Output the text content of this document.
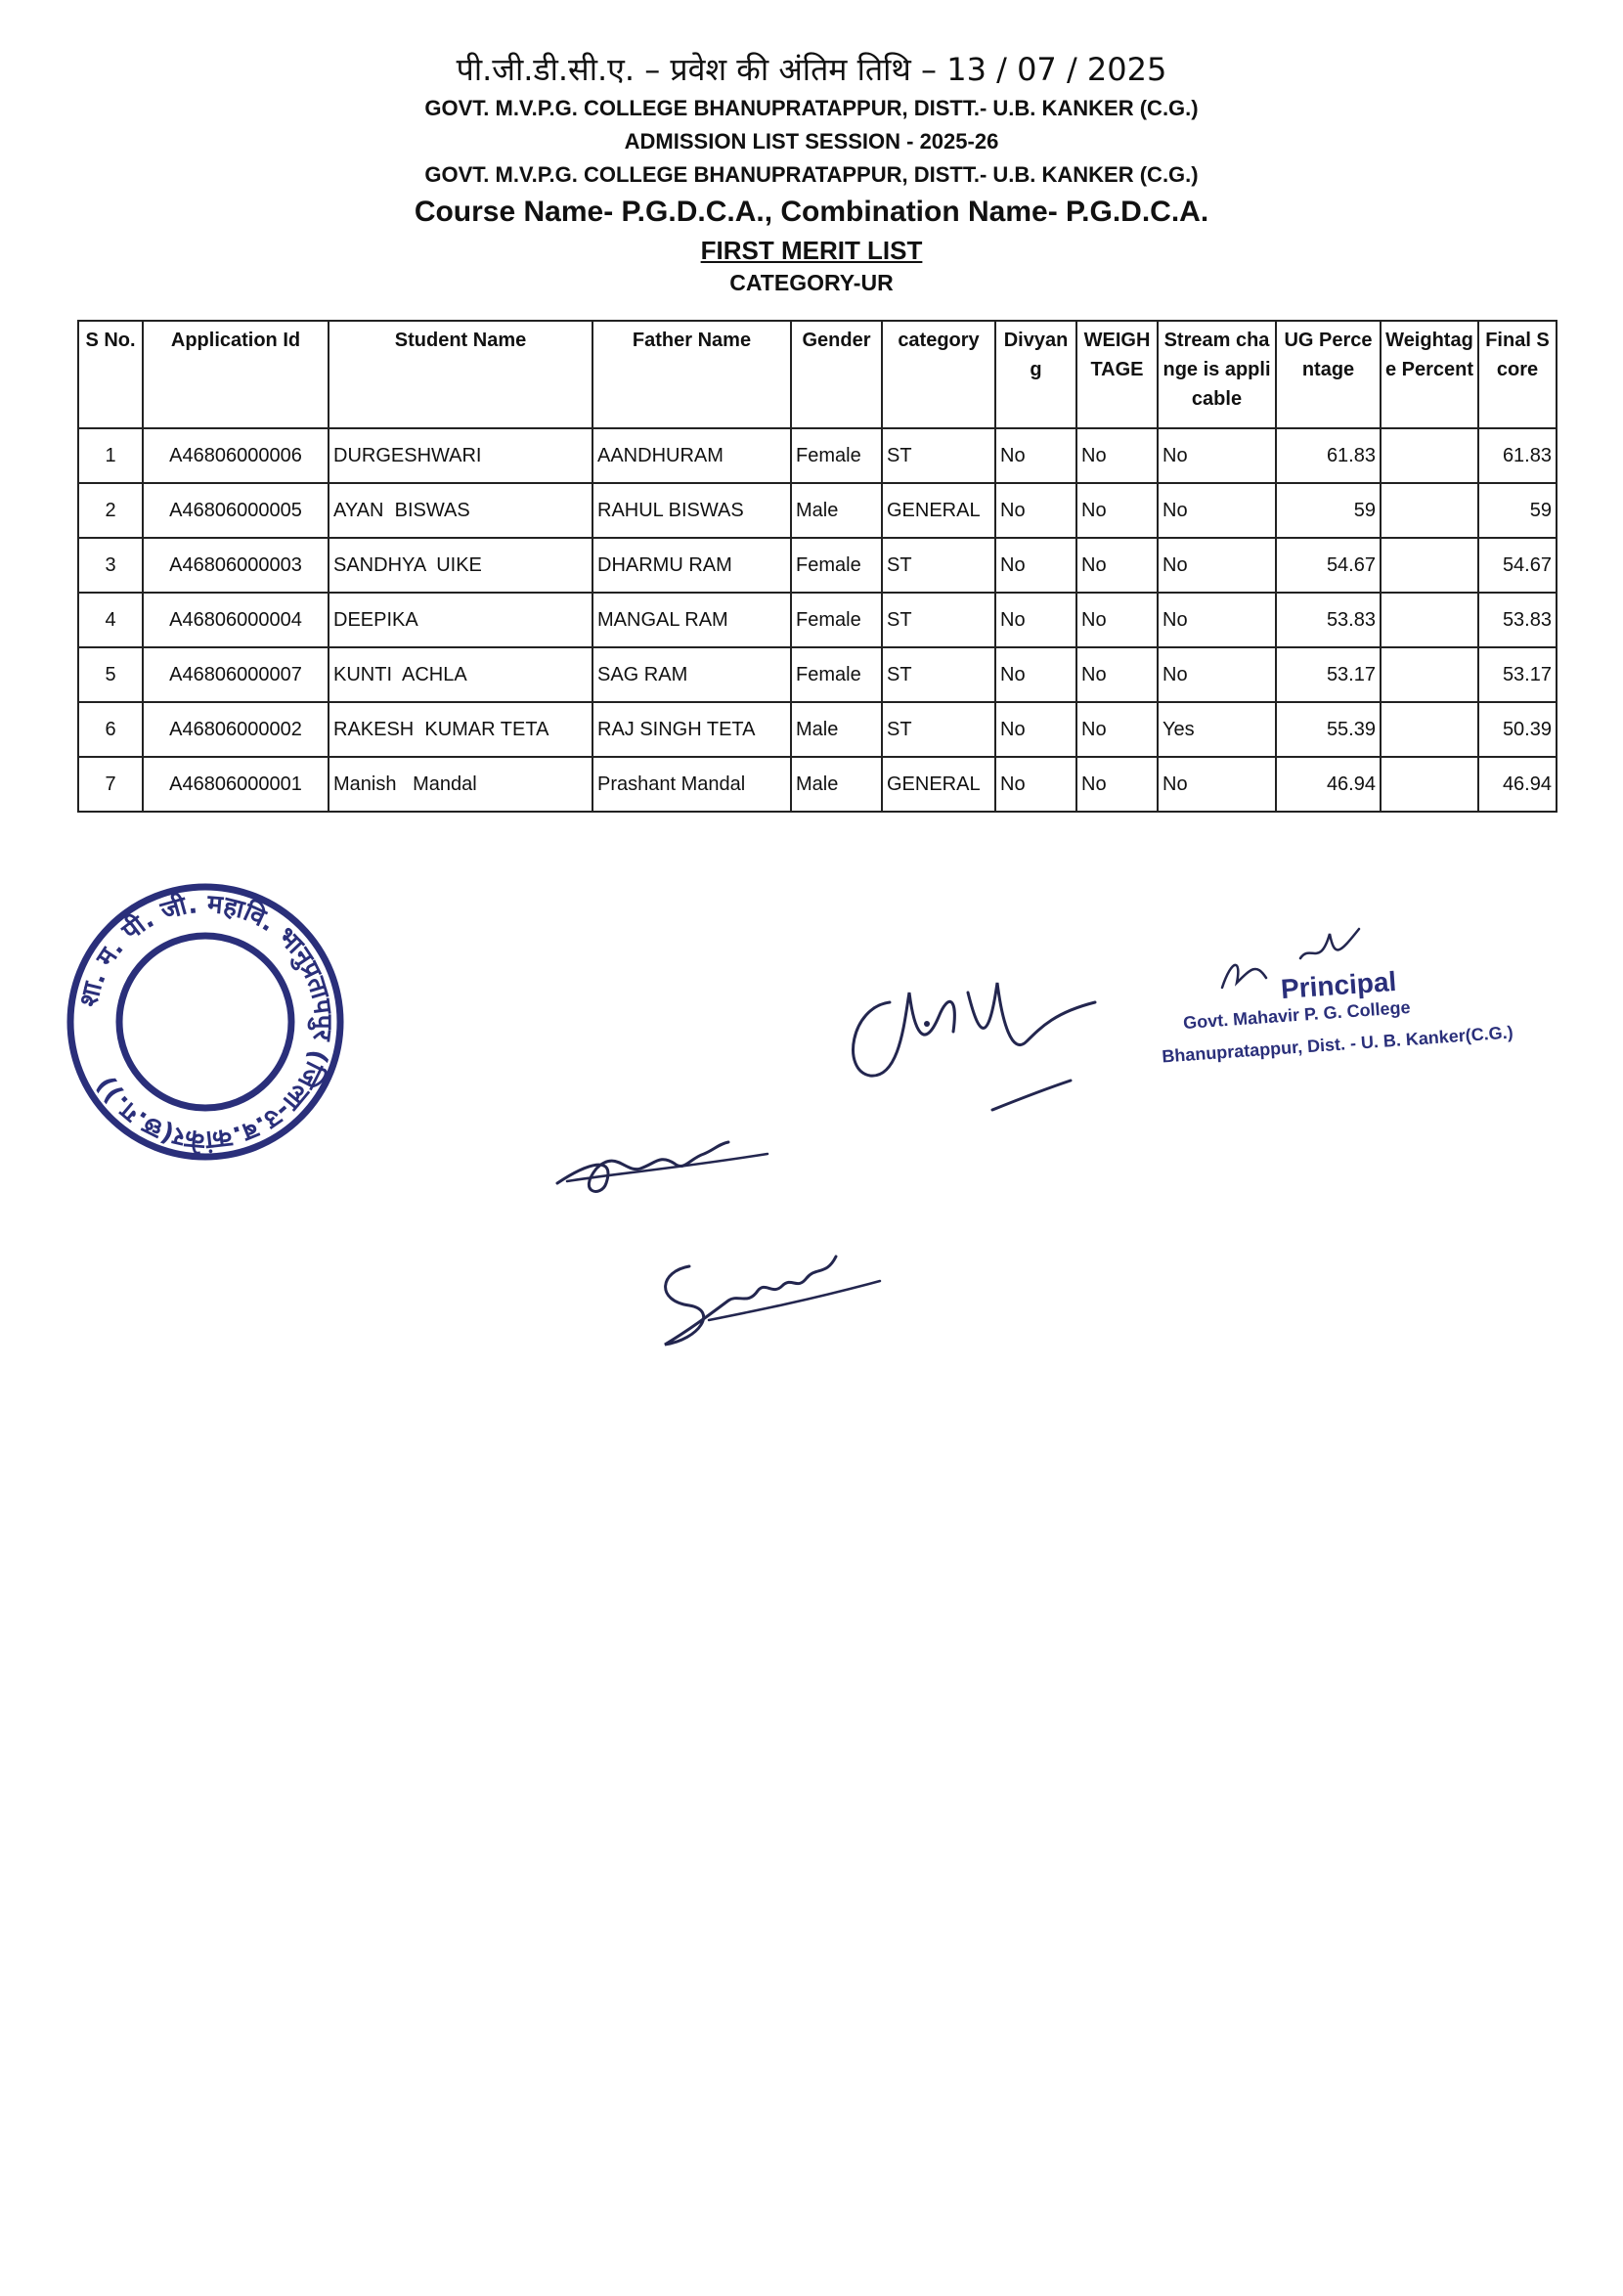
पी.जी.डी.सी.ए. – प्रवेश की अंतिम तिथि – 13 / 07 / 2025
GOVT. M.V.P.G. COLLEGE BHANUPRATAPPUR, DISTT.- U.B. KANKER (C.G.)
ADMISSION LIST SESSION - 2025-26
GOVT. M.V.P.G. COLLEGE BHANUPRATAPPUR, DISTT.- U.B. KANKER (C.G.)
Course Name- P.G.D.C.A., Combination Name- P.G.D.C.A.
FIRST MERIT LIST
CATEGORY-UR
S No.	Application Id	Student Name	Father Name	Gender	category	Divyang	WEIGHTAGE	Stream change is applicable	UG Percentage	Weightage Percent	Final Score
1	A46806000006	DURGESHWARI	AANDHURAM	Female	ST	No	No	No	61.83		61.83
2	A46806000005	AYAN  BISWAS	RAHUL BISWAS	Male	GENERAL	No	No	No	59		59
3	A46806000003	SANDHYA  UIKE	DHARMU RAM	Female	ST	No	No	No	54.67		54.67
4	A46806000004	DEEPIKA	MANGAL RAM	Female	ST	No	No	No	53.83		53.83
5	A46806000007	KUNTI  ACHLA	SAG RAM	Female	ST	No	No	No	53.17		53.17
6	A46806000002	RAKESH  KUMAR TETA	RAJ SINGH TETA	Male	ST	No	No	Yes	55.39		50.39
7	A46806000001	Manish   Mandal	Prashant Mandal	Male	GENERAL	No	No	No	46.94		46.94
शा. म. पी. जी. महावि. भानुप्रतापपुर (जिला-उ.ब.कांकेर(छ.ग.))
Principal
Govt. Mahavir P. G. College
Bhanupratappur, Dist. - U. B. Kanker(C.G.)
